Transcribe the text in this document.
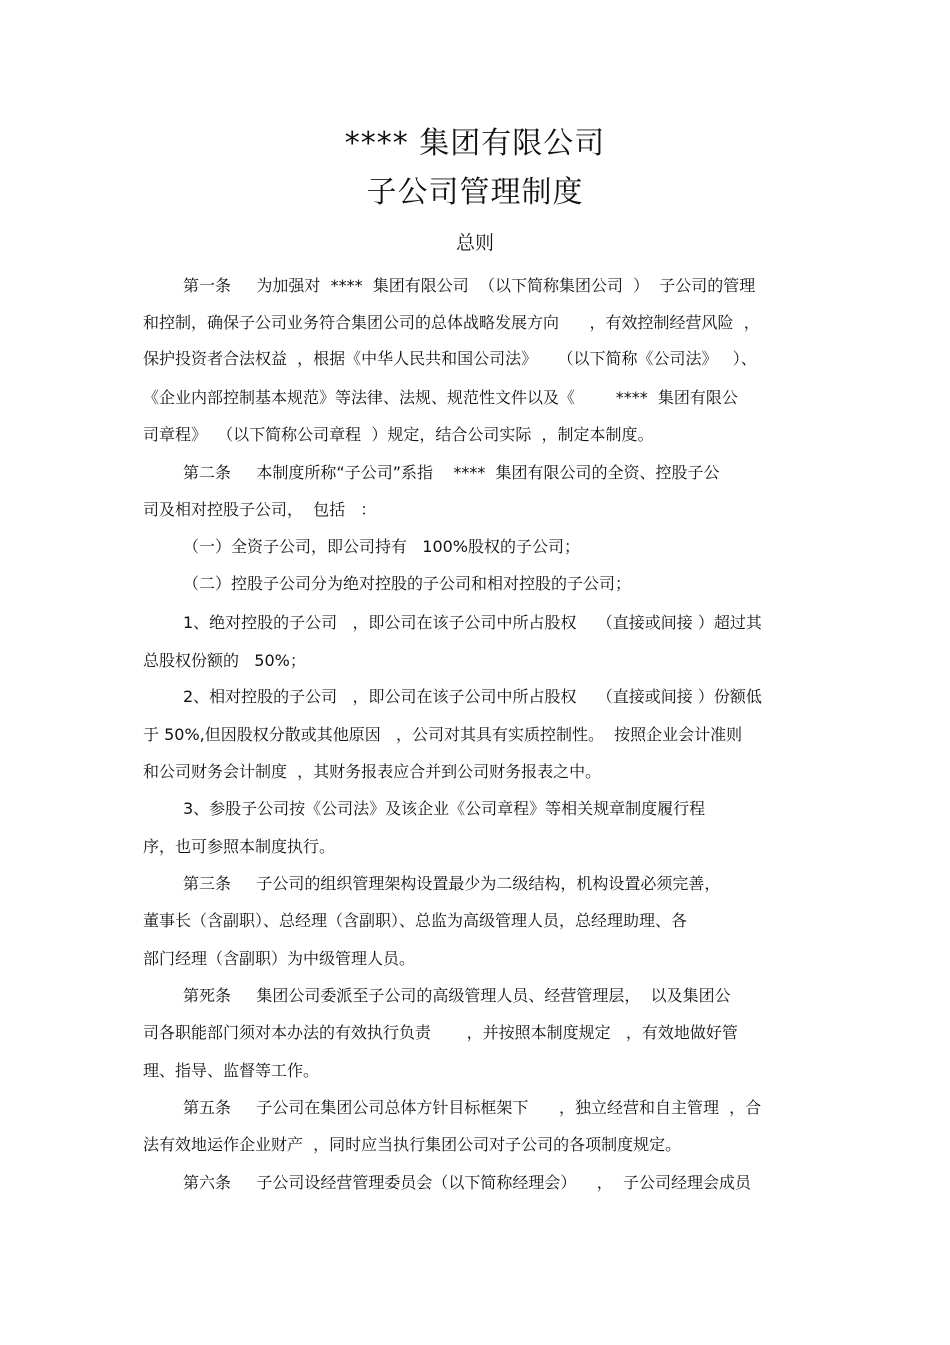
**** 集团有限公司
子公司管理制度
总则
第一条     为加强对  ****  集团有限公司  （以下简称集团公司  ）  子公司的管理
和控制，确保子公司业务符合集团公司的总体战略发展方向      ，有效控制经营风险  ，
保护投资者合法权益  ，根据《中华人民共和国公司法》    （以下简称《公司法》   ）、
《企业内部控制基本规范》等法律、法规、规范性文件以及《        ****  集团有限公
司章程》  （以下简称公司章程  ）规定，结合公司实际  ，制定本制度。
第二条     本制度所称“子公司”系指    ****  集团有限公司的全资、控股子公
司及相对控股子公司，  包括   ：
（一）全资子公司，即公司持有   100%股权的子公司；
（二）控股子公司分为绝对控股的子公司和相对控股的子公司；
1、绝对控股的子公司   ，即公司在该子公司中所占股权    （直接或间接 ）超过其
总股权份额的   50%；
2、相对控股的子公司   ，即公司在该子公司中所占股权    （直接或间接 ）份额低
于 50%,但因股权分散或其他原因   ，公司对其具有实质控制性。  按照企业会计准则
和公司财务会计制度  ，其财务报表应合并到公司财务报表之中。
3、参股子公司按《公司法》及该企业《公司章程》等相关规章制度履行程
序，也可参照本制度执行。
第三条     子公司的组织管理架构设置最少为二级结构，机构设置必须完善，
董事长（含副职）、总经理（含副职）、总监为高级管理人员，总经理助理、各
部门经理（含副职）为中级管理人员。
第死条     集团公司委派至子公司的高级管理人员、经营管理层，  以及集团公
司各职能部门须对本办法的有效执行负责       ，并按照本制度规定   ，有效地做好管
理、指导、监督等工作。
第五条     子公司在集团公司总体方针目标框架下      ，独立经营和自主管理  ，合
法有效地运作企业财产  ，同时应当执行集团公司对子公司的各项制度规定。
第六条     子公司设经营管理委员会（以下简称经理会）    ，  子公司经理会成员
